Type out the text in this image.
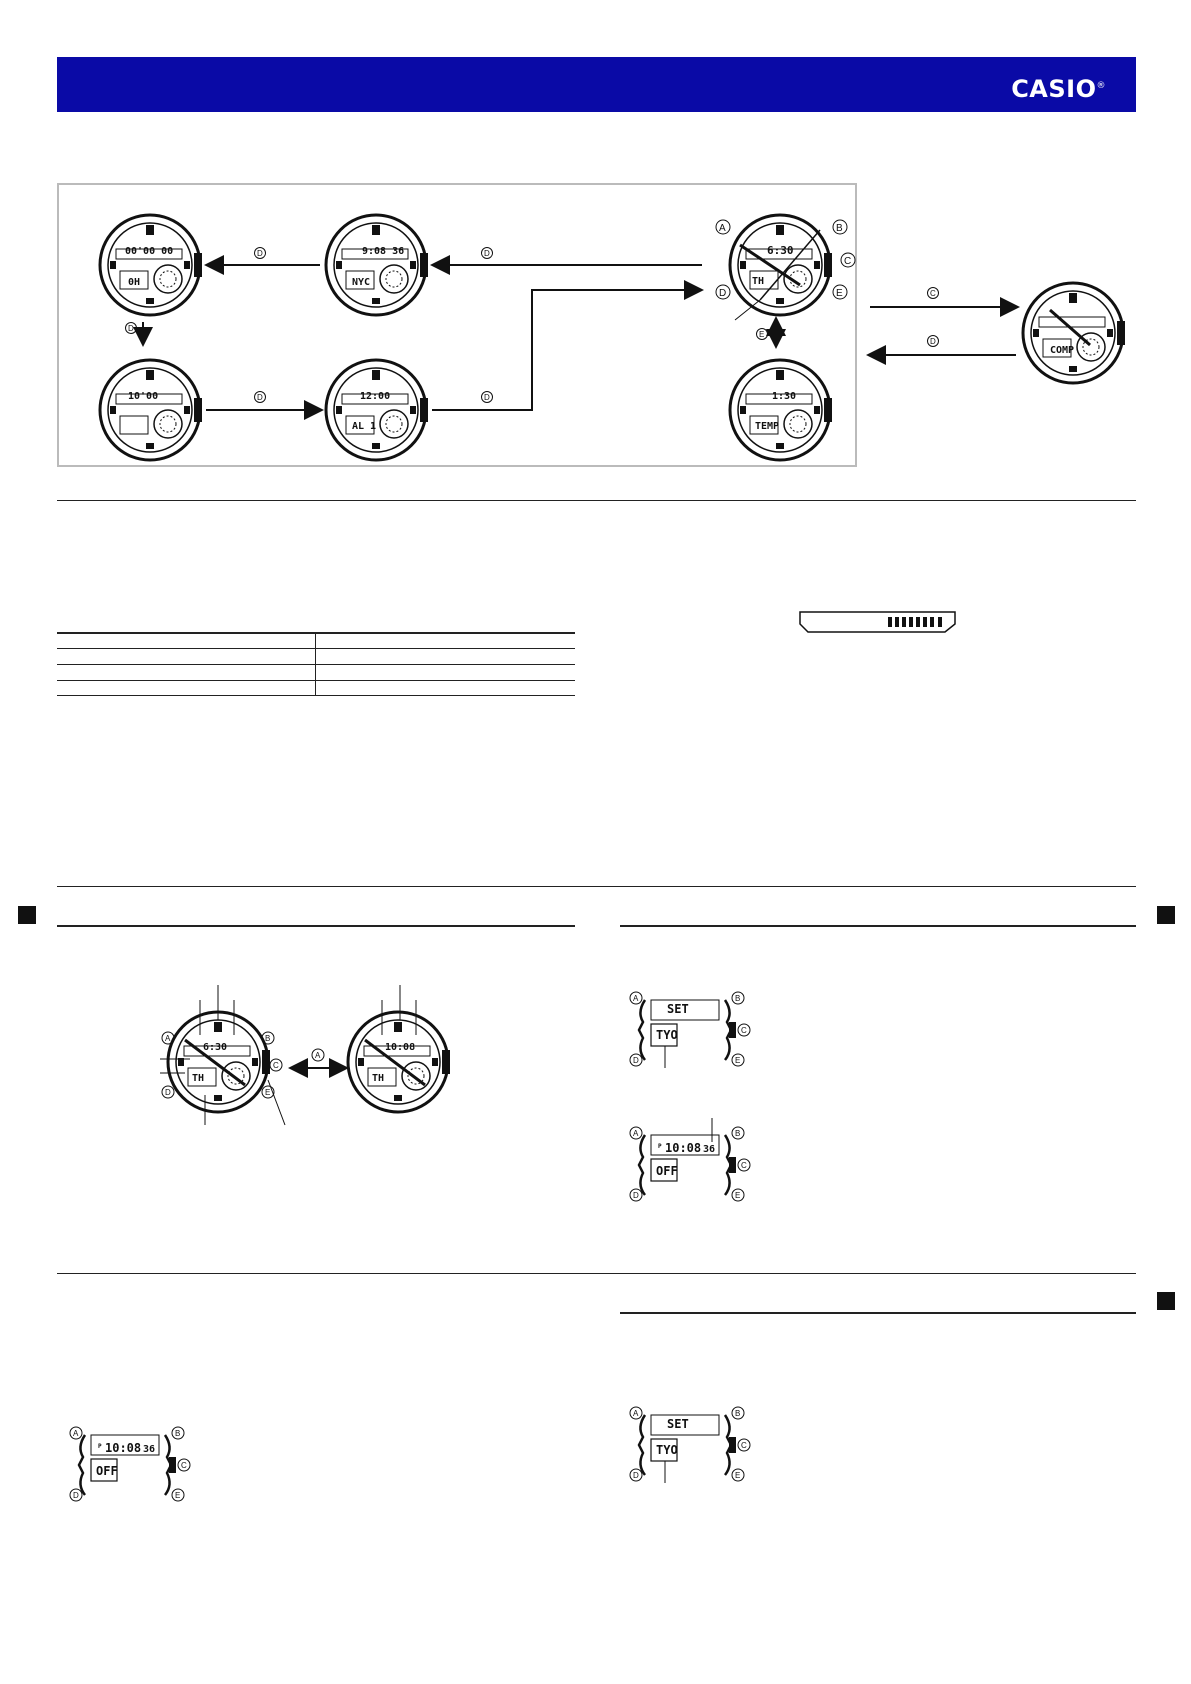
CASIO®
00'00 00
0H
9:08 36
NYC
10'00	12:00
AL 1
6:30
TH
1:30
TEMP
COMP
A	B
C
D	E
D	D
D
D	D
E
C
D
6:30
TH
A	B
C
D	E
A
10:08
TH
SET
TYO
A	B
C
D	E
P 10:08 36
OFF
A	B
C
D	E
P 10:08 36
OFF
A	B
C
D	E
SET
TYO
A	B
C
D	E
